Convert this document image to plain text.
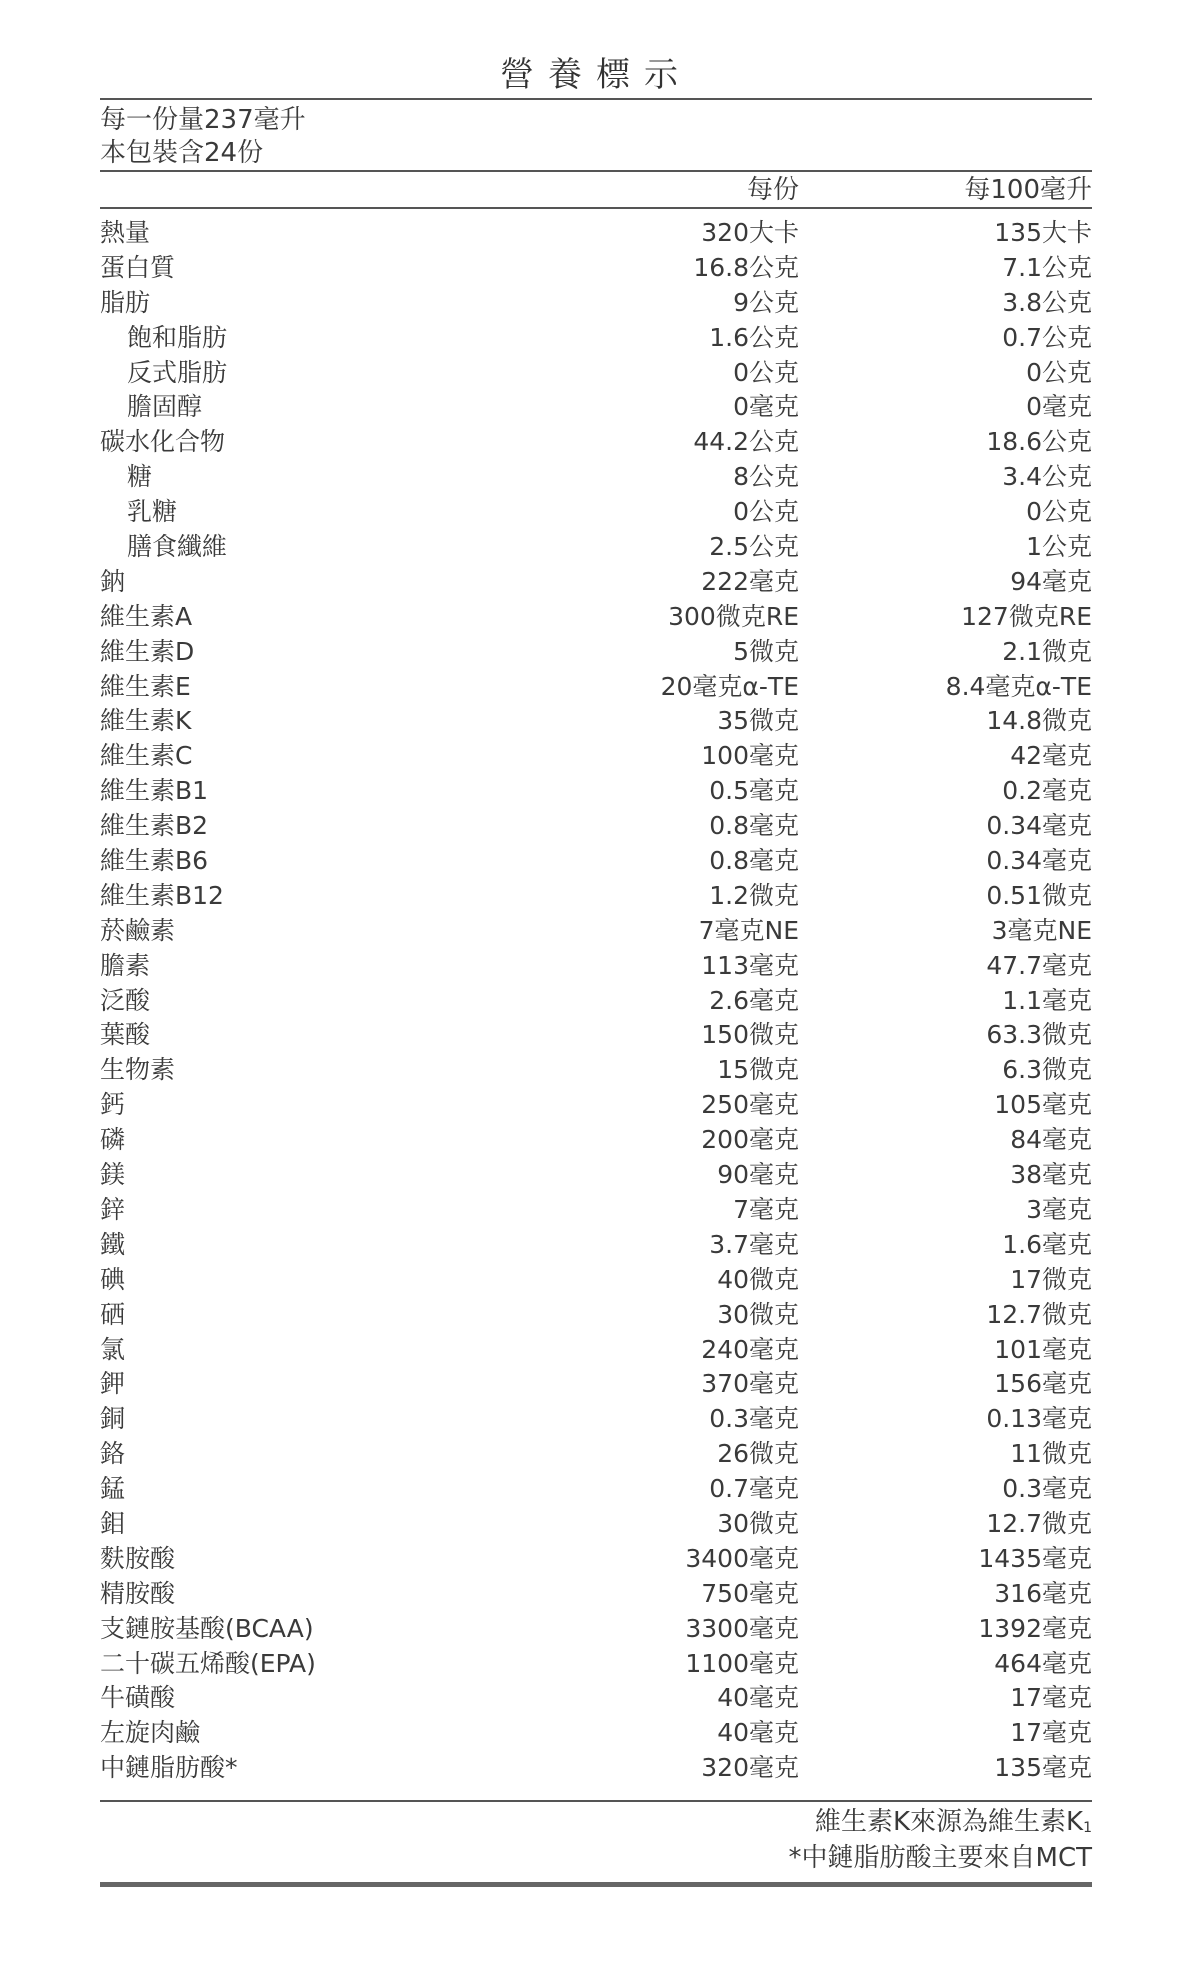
營養標示
每一份量237毫升
本包裝含24份
每份	每100毫升
熱量	320大卡	135大卡
蛋白質	16.8公克	7.1公克
脂肪	9公克	3.8公克
飽和脂肪	1.6公克	0.7公克
反式脂肪	0公克	0公克
膽固醇	0毫克	0毫克
碳水化合物	44.2公克	18.6公克
糖	8公克	3.4公克
乳糖	0公克	0公克
膳食纖維	2.5公克	1公克
鈉	222毫克	94毫克
維生素A	300微克RE	127微克RE
維生素D	5微克	2.1微克
維生素E	20毫克α-TE	8.4毫克α-TE
維生素K	35微克	14.8微克
維生素C	100毫克	42毫克
維生素B1	0.5毫克	0.2毫克
維生素B2	0.8毫克	0.34毫克
維生素B6	0.8毫克	0.34毫克
維生素B12	1.2微克	0.51微克
菸鹼素	7毫克NE	3毫克NE
膽素	113毫克	47.7毫克
泛酸	2.6毫克	1.1毫克
葉酸	150微克	63.3微克
生物素	15微克	6.3微克
鈣	250毫克	105毫克
磷	200毫克	84毫克
鎂	90毫克	38毫克
鋅	7毫克	3毫克
鐵	3.7毫克	1.6毫克
碘	40微克	17微克
硒	30微克	12.7微克
氯	240毫克	101毫克
鉀	370毫克	156毫克
銅	0.3毫克	0.13毫克
鉻	26微克	11微克
錳	0.7毫克	0.3毫克
鉬	30微克	12.7微克
麩胺酸	3400毫克	1435毫克
精胺酸	750毫克	316毫克
支鏈胺基酸(BCAA)	3300毫克	1392毫克
二十碳五烯酸(EPA)	1100毫克	464毫克
牛磺酸	40毫克	17毫克
左旋肉鹼	40毫克	17毫克
中鏈脂肪酸*	320毫克	135毫克
維生素K來源為維生素$K_1$
*中鏈脂肪酸主要來自MCT
